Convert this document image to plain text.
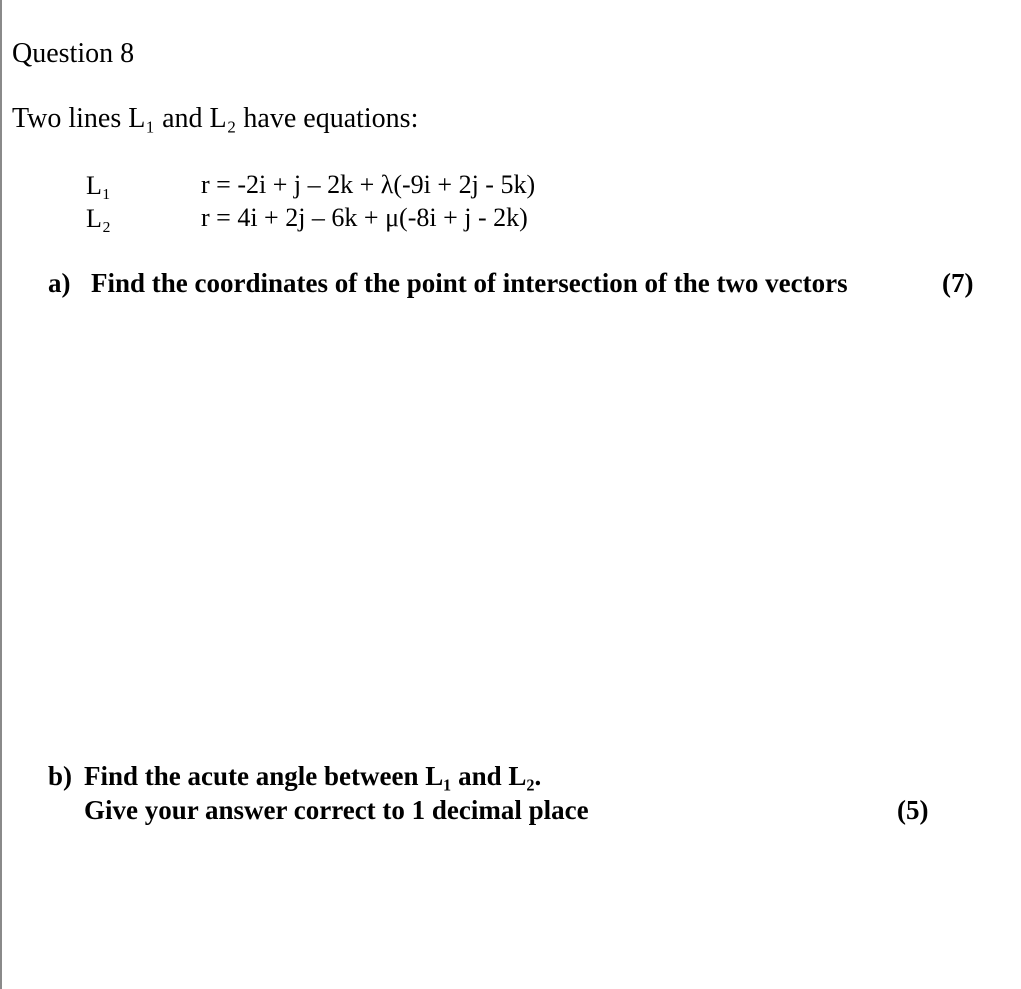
Question 8
Two lines L₁ and L₂ have equations:
L₁	r = -2i + j – 2k + λ(-9i + 2j - 5k)
L₂	r = 4i + 2j – 6k + μ(-8i + j - 2k)
a) Find the coordinates of the point of intersection of the two vectors	(7)
b) Find the acute angle between L₁ and L₂.
Give your answer correct to 1 decimal place	(5)
